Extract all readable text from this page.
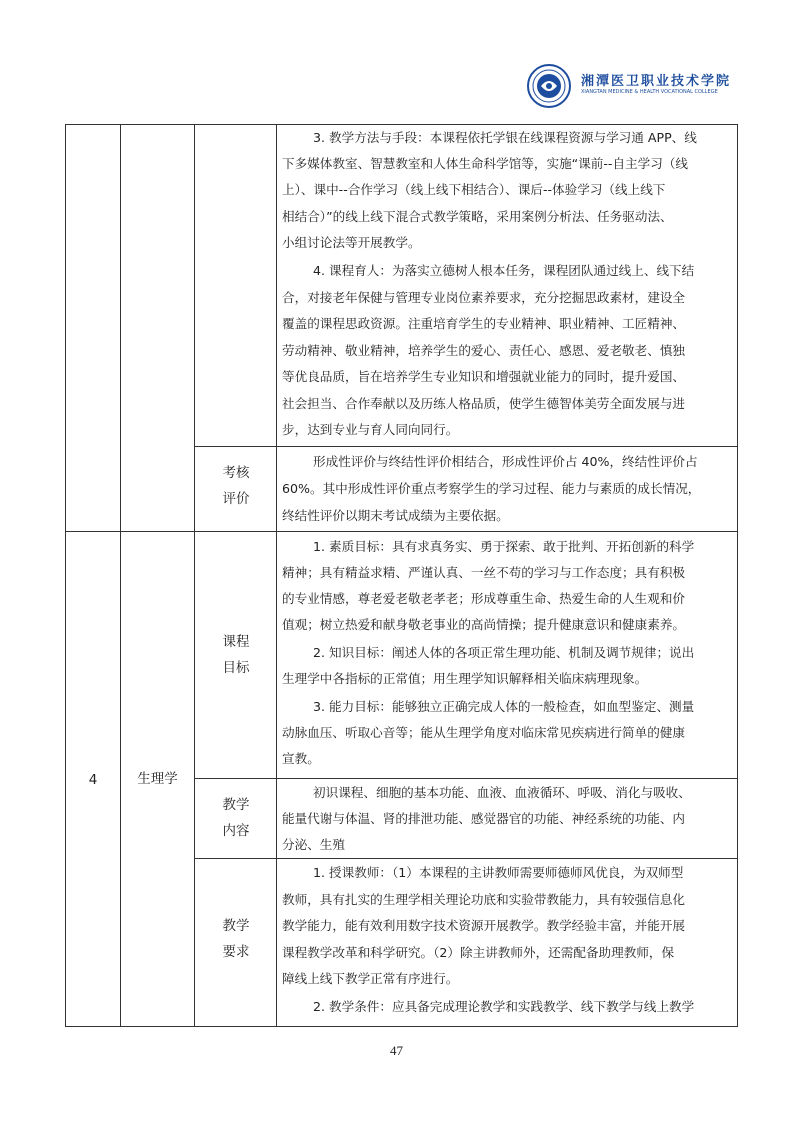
湘潭医卫职业技术学院
XIANGTAN MEDICINE & HEALTH VOCATIONAL COLLEGE
3. 教学方法与手段：本课程依托学银在线课程资源与学习通 APP、线
下多媒体教室、智慧教室和人体生命科学馆等，实施“课前--自主学习（线
上）、课中--合作学习（线上线下相结合）、课后--体验学习（线上线下
相结合）”的线上线下混合式教学策略，采用案例分析法、任务驱动法、
小组讨论法等开展教学。
4. 课程育人：为落实立德树人根本任务，课程团队通过线上、线下结
合，对接老年保健与管理专业岗位素养要求，充分挖掘思政素材，建设全
覆盖的课程思政资源。注重培育学生的专业精神、职业精神、工匠精神、
劳动精神、敬业精神，培养学生的爱心、责任心、感恩、爱老敬老、慎独
等优良品质，旨在培养学生专业知识和增强就业能力的同时，提升爱国、
社会担当、合作奉献以及历练人格品质，使学生德智体美劳全面发展与进
步，达到专业与育人同向同行。
考核
评价
形成性评价与终结性评价相结合，形成性评价占 40%，终结性评价占
60%。其中形成性评价重点考察学生的学习过程、能力与素质的成长情况，
终结性评价以期末考试成绩为主要依据。
4	生理学
课程
目标
1. 素质目标：具有求真务实、勇于探索、敢于批判、开拓创新的科学
精神；具有精益求精、严谨认真、一丝不苟的学习与工作态度；具有积极
的专业情感，尊老爱老敬老孝老；形成尊重生命、热爱生命的人生观和价
值观；树立热爱和献身敬老事业的高尚情操；提升健康意识和健康素养。
2. 知识目标：阐述人体的各项正常生理功能、机制及调节规律；说出
生理学中各指标的正常值；用生理学知识解释相关临床病理现象。
3. 能力目标：能够独立正确完成人体的一般检查，如血型鉴定、测量
动脉血压、听取心音等；能从生理学角度对临床常见疾病进行简单的健康
宣教。
教学
内容
初识课程、细胞的基本功能、血液、血液循环、呼吸、消化与吸收、
能量代谢与体温、肾的排泄功能、感觉器官的功能、神经系统的功能、内
分泌、生殖
教学
要求
1. 授课教师：（1）本课程的主讲教师需要师德师风优良，为双师型
教师，具有扎实的生理学相关理论功底和实验带教能力，具有较强信息化
教学能力，能有效利用数字技术资源开展教学。教学经验丰富，并能开展
课程教学改革和科学研究。（2）除主讲教师外，还需配备助理教师，保
障线上线下教学正常有序进行。
2. 教学条件：应具备完成理论教学和实践教学、线下教学与线上教学
47
